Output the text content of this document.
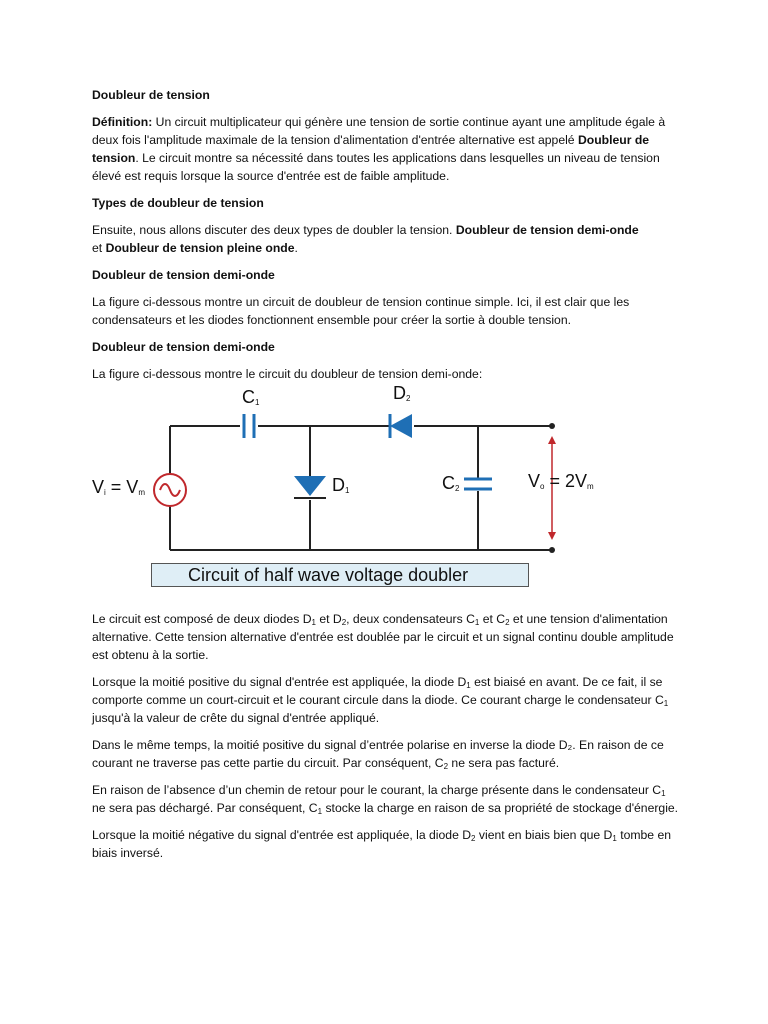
Doubleur de tension

Définition: Un circuit multiplicateur qui génère une tension de sortie continue ayant une amplitude égale à deux fois l'amplitude maximale de la tension d'alimentation d'entrée alternative est appelé Doubleur de tension. Le circuit montre sa nécessité dans toutes les applications dans lesquelles un niveau de tension élevé est requis lorsque la source d'entrée est de faible amplitude.

Types de doubleur de tension

Ensuite, nous allons discuter des deux types de doubler la tension. Doubleur de tension demi-onde
et Doubleur de tension pleine onde.

Doubleur de tension demi-onde

La figure ci-dessous montre un circuit de doubleur de tension continue simple. Ici, il est clair que les condensateurs et les diodes fonctionnent ensemble pour créer la sortie à double tension.

Doubleur de tension demi-onde

La figure ci-dessous montre le circuit du doubleur de tension demi-onde:

$C_1$	$D_2$
$D_1$	$C_2$
$V_i = V_m$
$V_o = 2V_m$
Circuit of half wave voltage doubler

Le circuit est composé de deux diodes $D_1$ et $D_2$, deux condensateurs $C_1$ et $C_2$ et une tension d'alimentation alternative. Cette tension alternative d'entrée est doublée par le circuit et un signal continu double amplitude est obtenu à la sortie.

Lorsque la moitié positive du signal d'entrée est appliquée, la diode $D_1$ est biaisé en avant. De ce fait, il se comporte comme un court-circuit et le courant circule dans la diode. Ce courant charge le condensateur $C_1$ jusqu'à la valeur de crête du signal d'entrée appliqué.

Dans le même temps, la moitié positive du signal d’entrée polarise en inverse la diode D₂. En raison de ce courant ne traverse pas cette partie du circuit. Par conséquent, $C_2$ ne sera pas facturé.

En raison de l’absence d’un chemin de retour pour le courant, la charge présente dans le condensateur $C_1$ ne sera pas déchargé. Par conséquent, $C_1$ stocke la charge en raison de sa propriété de stockage d'énergie.

Lorsque la moitié négative du signal d'entrée est appliquée, la diode $D_2$ vient en biais bien que $D_1$ tombe en biais inversé.
